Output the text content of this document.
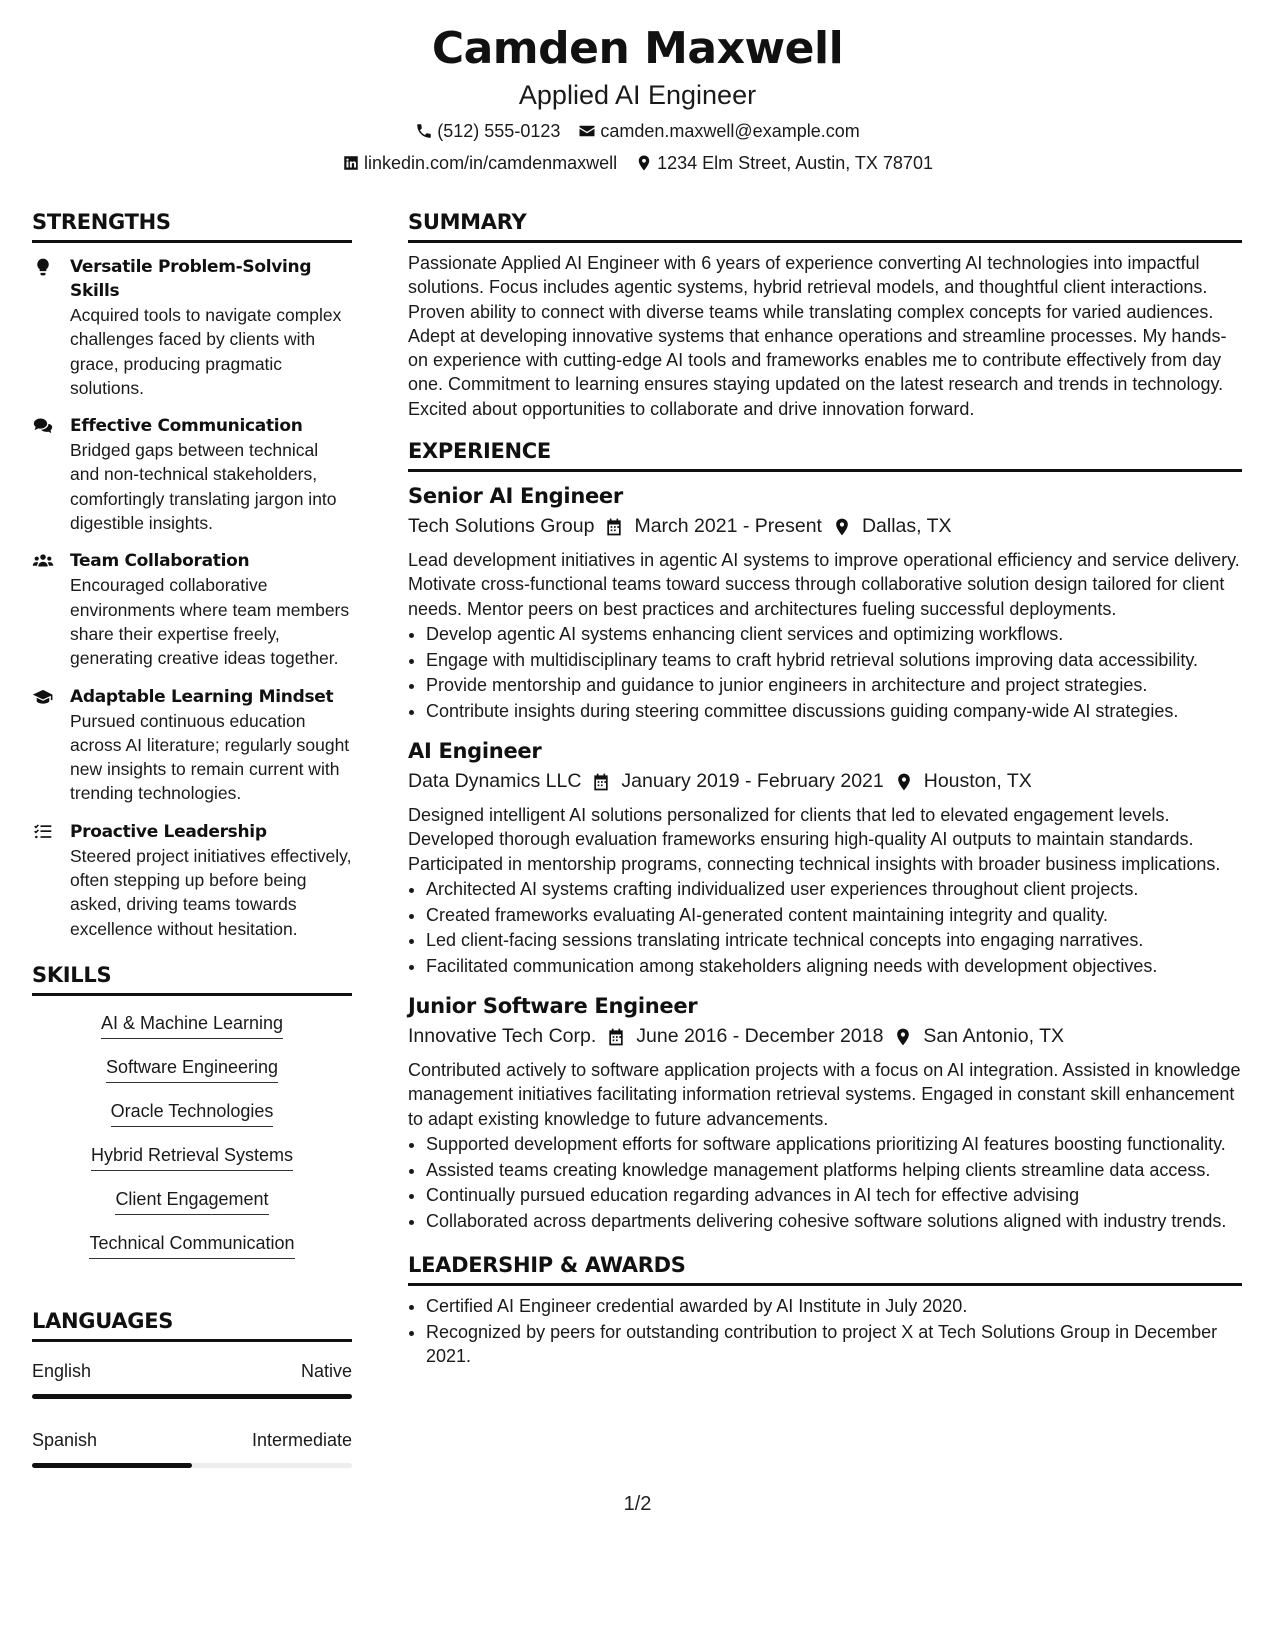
Camden Maxwell
Applied AI Engineer
(512) 555-0123 camden.maxwell@example.com
linkedin.com/in/camdenmaxwell 1234 Elm Street, Austin, TX 78701
STRENGTHS
Versatile Problem-Solving Skills
Acquired tools to navigate complex challenges faced by clients with grace, producing pragmatic solutions.
Effective Communication
Bridged gaps between technical and non-technical stakeholders, comfortingly translating jargon into digestible insights.
Team Collaboration
Encouraged collaborative environments where team members share their expertise freely, generating creative ideas together.
Adaptable Learning Mindset
Pursued continuous education across AI literature; regularly sought new insights to remain current with trending technologies.
Proactive Leadership
Steered project initiatives effectively, often stepping up before being asked, driving teams towards excellence without hesitation.
SKILLS
AI & Machine Learning
Software Engineering
Oracle Technologies
Hybrid Retrieval Systems
Client Engagement
Technical Communication
LANGUAGES
English	Native
Spanish	Intermediate
SUMMARY
Passionate Applied AI Engineer with 6 years of experience converting AI technologies into impactful solutions. Focus includes agentic systems, hybrid retrieval models, and thoughtful client interactions. Proven ability to connect with diverse teams while translating complex concepts for varied audiences. Adept at developing innovative systems that enhance operations and streamline processes. My hands-on experience with cutting-edge AI tools and frameworks enables me to contribute effectively from day one. Commitment to learning ensures staying updated on the latest research and trends in technology. Excited about opportunities to collaborate and drive innovation forward.
EXPERIENCE
Senior AI Engineer
Tech Solutions Group March 2021 - Present Dallas, TX
Lead development initiatives in agentic AI systems to improve operational efficiency and service delivery. Motivate cross-functional teams toward success through collaborative solution design tailored for client needs. Mentor peers on best practices and architectures fueling successful deployments.
• Develop agentic AI systems enhancing client services and optimizing workflows.
• Engage with multidisciplinary teams to craft hybrid retrieval solutions improving data accessibility.
• Provide mentorship and guidance to junior engineers in architecture and project strategies.
• Contribute insights during steering committee discussions guiding company-wide AI strategies.
AI Engineer
Data Dynamics LLC January 2019 - February 2021 Houston, TX
Designed intelligent AI solutions personalized for clients that led to elevated engagement levels. Developed thorough evaluation frameworks ensuring high-quality AI outputs to maintain standards. Participated in mentorship programs, connecting technical insights with broader business implications.
• Architected AI systems crafting individualized user experiences throughout client projects.
• Created frameworks evaluating AI-generated content maintaining integrity and quality.
• Led client-facing sessions translating intricate technical concepts into engaging narratives.
• Facilitated communication among stakeholders aligning needs with development objectives.
Junior Software Engineer
Innovative Tech Corp. June 2016 - December 2018 San Antonio, TX
Contributed actively to software application projects with a focus on AI integration. Assisted in knowledge management initiatives facilitating information retrieval systems. Engaged in constant skill enhancement to adapt existing knowledge to future advancements.
• Supported development efforts for software applications prioritizing AI features boosting functionality.
• Assisted teams creating knowledge management platforms helping clients streamline data access.
• Continually pursued education regarding advances in AI tech for effective advising
• Collaborated across departments delivering cohesive software solutions aligned with industry trends.
LEADERSHIP & AWARDS
• Certified AI Engineer credential awarded by AI Institute in July 2020.
• Recognized by peers for outstanding contribution to project X at Tech Solutions Group in December 2021.
1/2
